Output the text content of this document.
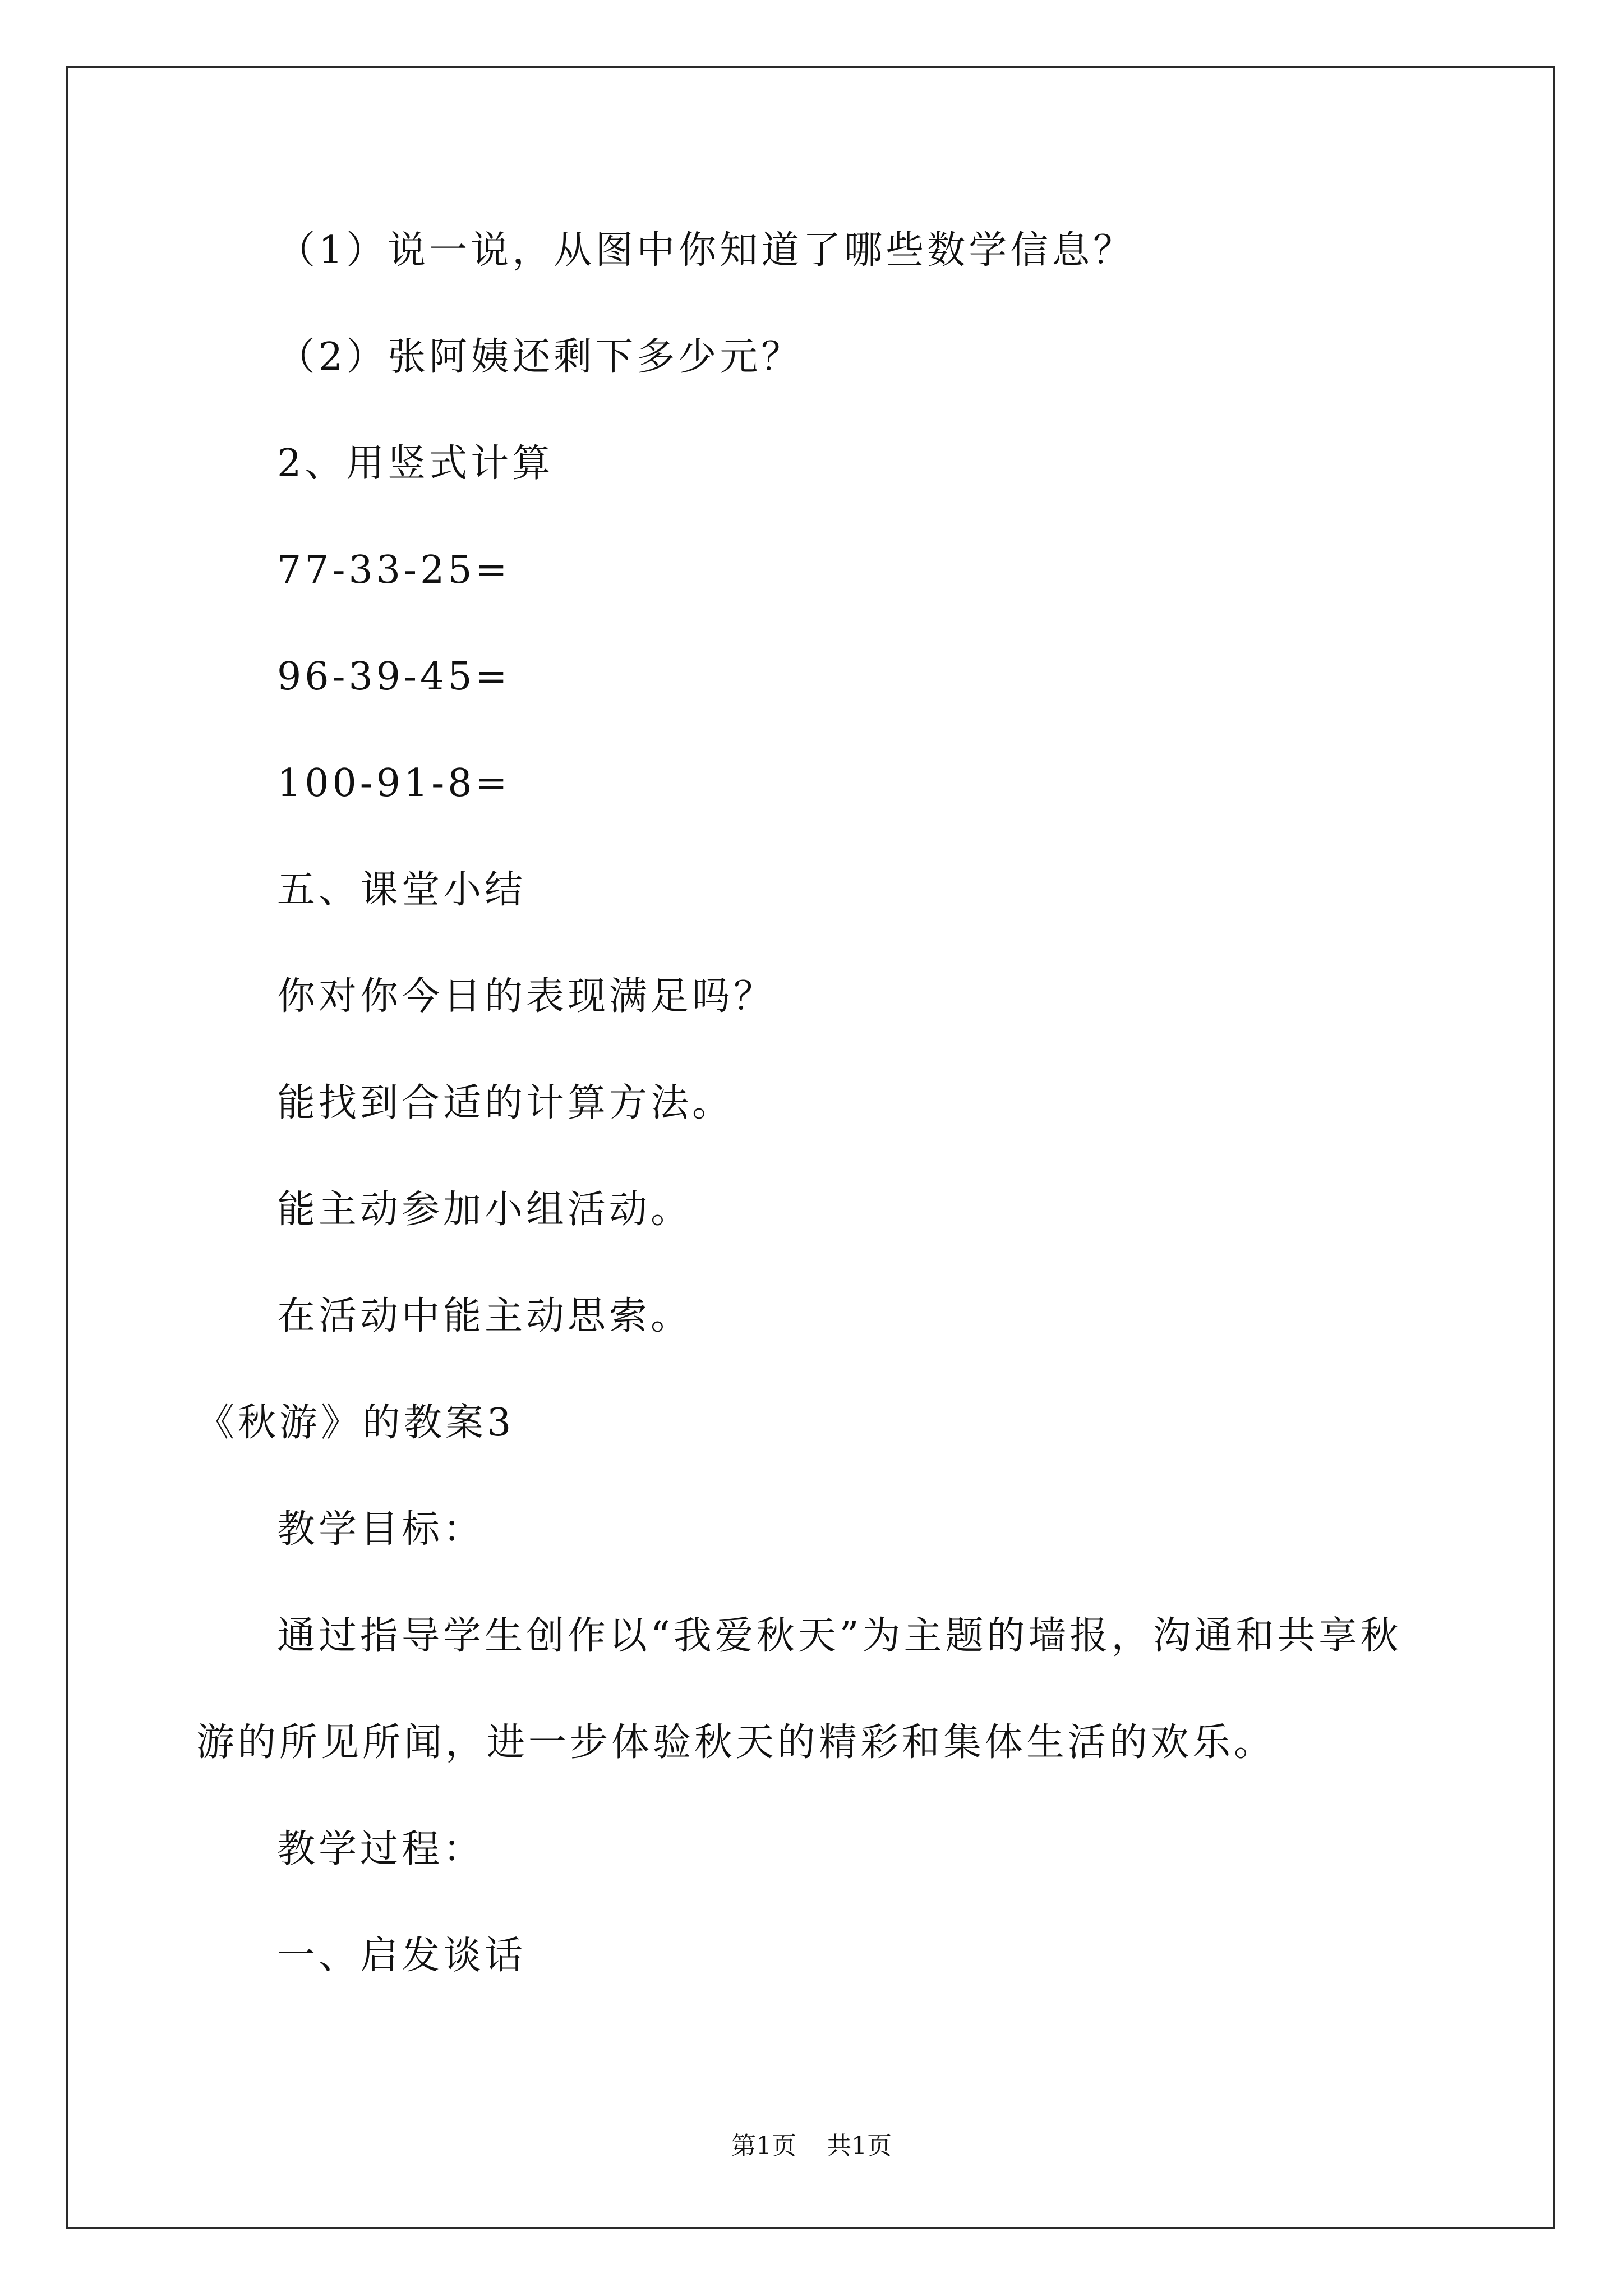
（1）说一说，从图中你知道了哪些数学信息？
（2）张阿姨还剩下多少元？
2、用竖式计算
77-33-25=
96-39-45=
100-91-8=
五、课堂小结
你对你今日的表现满足吗？
能找到合适的计算方法。
能主动参加小组活动。
在活动中能主动思索。
《秋游》的教案3
教学目标：
通过指导学生创作以“我爱秋天”为主题的墙报，沟通和共享秋
游的所见所闻，进一步体验秋天的精彩和集体生活的欢乐。
教学过程：
一、启发谈话
第1页 共1页
